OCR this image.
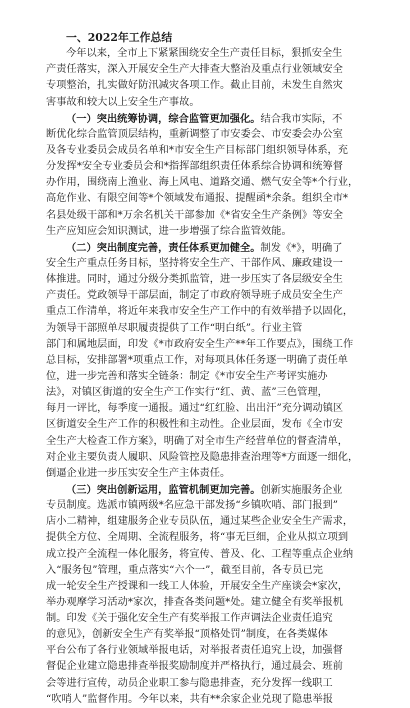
一、2022年工作总结
今年以来，全市上下紧紧围绕安全生产责任目标，狠抓安全生
产责任落实，深入开展安全生产大排查大整治及重点行业领域安全
专项整治，扎实做好防汛减灾各项工作。截止目前，未发生自然灾
害事故和较大以上安全生产事故。
（一）突出统筹协调，综合监管更加强化。结合我市实际，不
断优化综合监管顶层结构，重新调整了市安委会、市安委会办公室
及各专业委员会成员名单和*市安全生产目标部门组织领导体系，充
分发挥*安全专业委员会和*指挥部组织责任体系综合协调和统筹督
办作用，围绕南上渔业、海上风电、道路交通、燃气安全等*个行业，
高危作业、有限空间等*个领域发布通报、提醒函*余条。组织全市*
名县处级干部和*万余名机关干部参加《*省安全生产条例》等安全
生产应知应会知识测试，进一步增强了综合监管效能。
（二）突出制度完善，责任体系更加健全。制发《*》，明确了
安全生产重点任务目标，坚持将安全生产、干部作风、廉政建设一
体推进。同时，通过分级分类抓监管，进一步压实了各层级安全生
产责任。党政领导干部层面，制定了市政府领导班子成员安全生产
重点工作清单，将近年来我市安全生产工作中的有效举措予以固化，
为领导干部照单尽职履责提供了工作“明白纸”。行业主管
部门和属地层面，印发《*市政府安全生产**年工作要点》，围绕工作
总目标，安排部署*项重点工作，对每项具体任务逐一明确了责任单
位，进一步完善和落实全链条：制定《*市安全生产考评实施办
法》，对镇区街道的安全生产工作实行“红、黄、蓝”三色管理，
每月一评比，每季度一通报。通过“红红脸、出出汗”充分调动镇区
区街道安全生产工作的积极性和主动性。企业层面，发布《全市安
全生产大检查工作方案》，明确了对全市生产经营单位的督查清单，
对企业主要负责人履职、风险管控及隐患排查治理等*方面逐一细化，
倒逼企业进一步压实安全生产主体责任。
（三）突出创新运用，监管机制更加完善。创新实施服务企业
专员制度。选派市镇两级*名应急干部发扬“乡镇吹哨、部门报到”
店小二精神，组建服务企业专员队伍，通过某些企业安全生产需求，
提供全方位、全周期、全流程服务，将“事无巨细，企业从拟立项到
成立投产全流程一体化服务，将宣传、普及、化、工程等重点企业纳
入“服务包”管理，重点落实“六个一”，截至目前，各专员已完
成一轮安全生产授课和一线工人体验，开展安全生产座谈会*家次，
举办观摩学习活动*家次，排查各类问题*处。建立健全有奖举报机
制。印发《关于强化安全生产有奖举报工作声调法企业责任追究
的意见》，创新安全生产有奖举报“顶格处罚”制度，在各类媒体
平台公布了各行业领域举报电话，对举报者责任追究上设，加强督
督促企业建立隐患排查举报奖励制度并严格执行，通过晨会、班前
会等进行宣传，动员企业职工参与隐患排查，充分发挥一线职工
“吹哨人”监督作用。今年以来，共有**余家企业兑现了隐患举报
